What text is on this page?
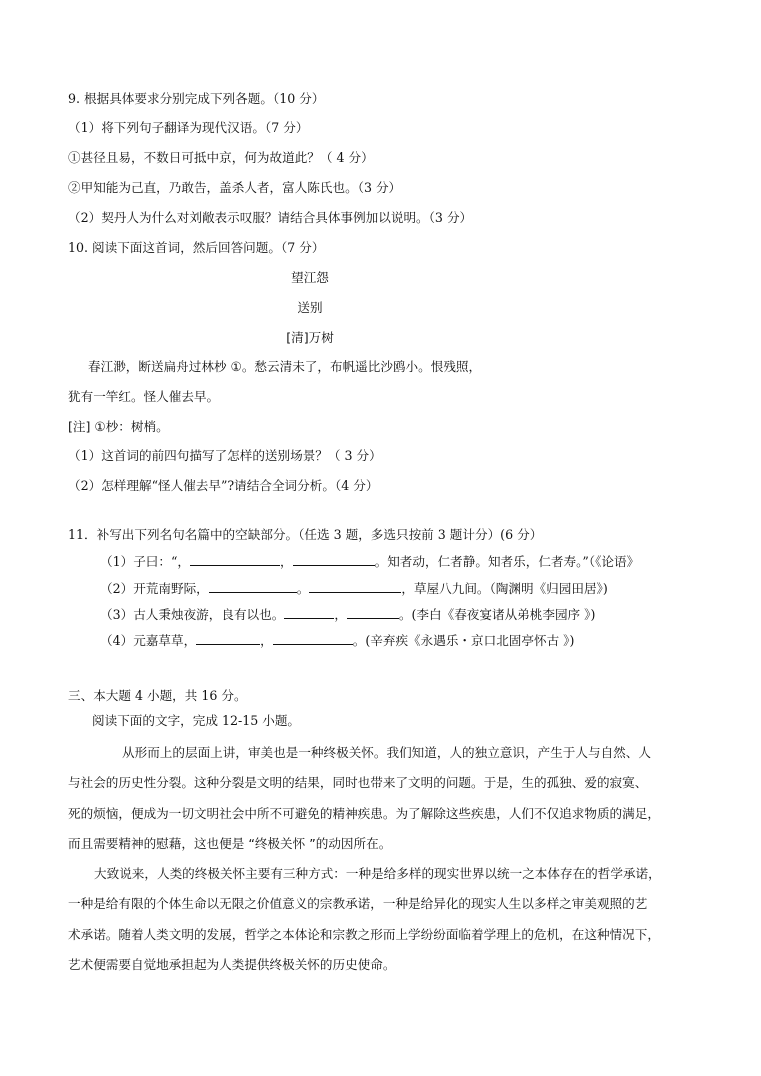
9. 根据具体要求分别完成下列各题。（10 分）
（1）将下列句子翻译为现代汉语。（7 分）
①甚径且易，不数日可抵中京，何为故道此？（ 4 分）
②甲知能为己直，乃敢告，盖杀人者，富人陈氏也。（3 分）
（2）契丹人为什么对刘敞表示叹服？请结合具体事例加以说明。（3 分）
10. 阅读下面这首词，然后回答问题。（7 分）
望江怨
送别
[清]万树
春江渺，断送扁舟过林杪 ①。愁云清未了，布帆遥比沙鸥小。恨残照，
犹有一竿红。怪人催去早。
[注] ①杪：树梢。
（1）这首词的前四句描写了怎样的送别场景？（ 3 分）
（2）怎样理解“怪人催去早”?请结合全词分析。（4 分）
11．补写出下列名句名篇中的空缺部分。（任选 3 题，多选只按前 3 题计分）(6 分）
（1）子曰：“，	，	。知者动，仁者静。知者乐，仁者寿。”（《论语》
（2）开荒南野际，	。	，草屋八九间。（陶渊明《归园田居》)
（3）古人秉烛夜游，良有以也。	，	。(李白《春夜宴诸从弟桃李园序 》)
（4）元嘉草草，	，	。(辛弃疾《永遇乐・京口北固亭怀古 》)
三、本大题 4 小题，共 16 分。
阅读下面的文字，完成 12-15 小题。
从形而上的层面上讲，审美也是一种终极关怀。我们知道，人的独立意识，产生于人与自然、人
与社会的历史性分裂。这种分裂是文明的结果，同时也带来了文明的问题。于是，生的孤独、爱的寂寞、
死的烦恼，便成为一切文明社会中所不可避免的精神疾患。为了解除这些疾患，人们不仅追求物质的满足，
而且需要精神的慰藉，这也便是 “终极关怀 ”的动因所在。
大致说来，人类的终极关怀主要有三种方式：一种是给多样的现实世界以统一之本体存在的哲学承诺，
一种是给有限的个体生命以无限之价值意义的宗教承诺，一种是给异化的现实人生以多样之审美观照的艺
术承诺。随着人类文明的发展，哲学之本体论和宗教之形而上学纷纷面临着学理上的危机，在这种情况下，
艺术便需要自觉地承担起为人类提供终极关怀的历史使命。
